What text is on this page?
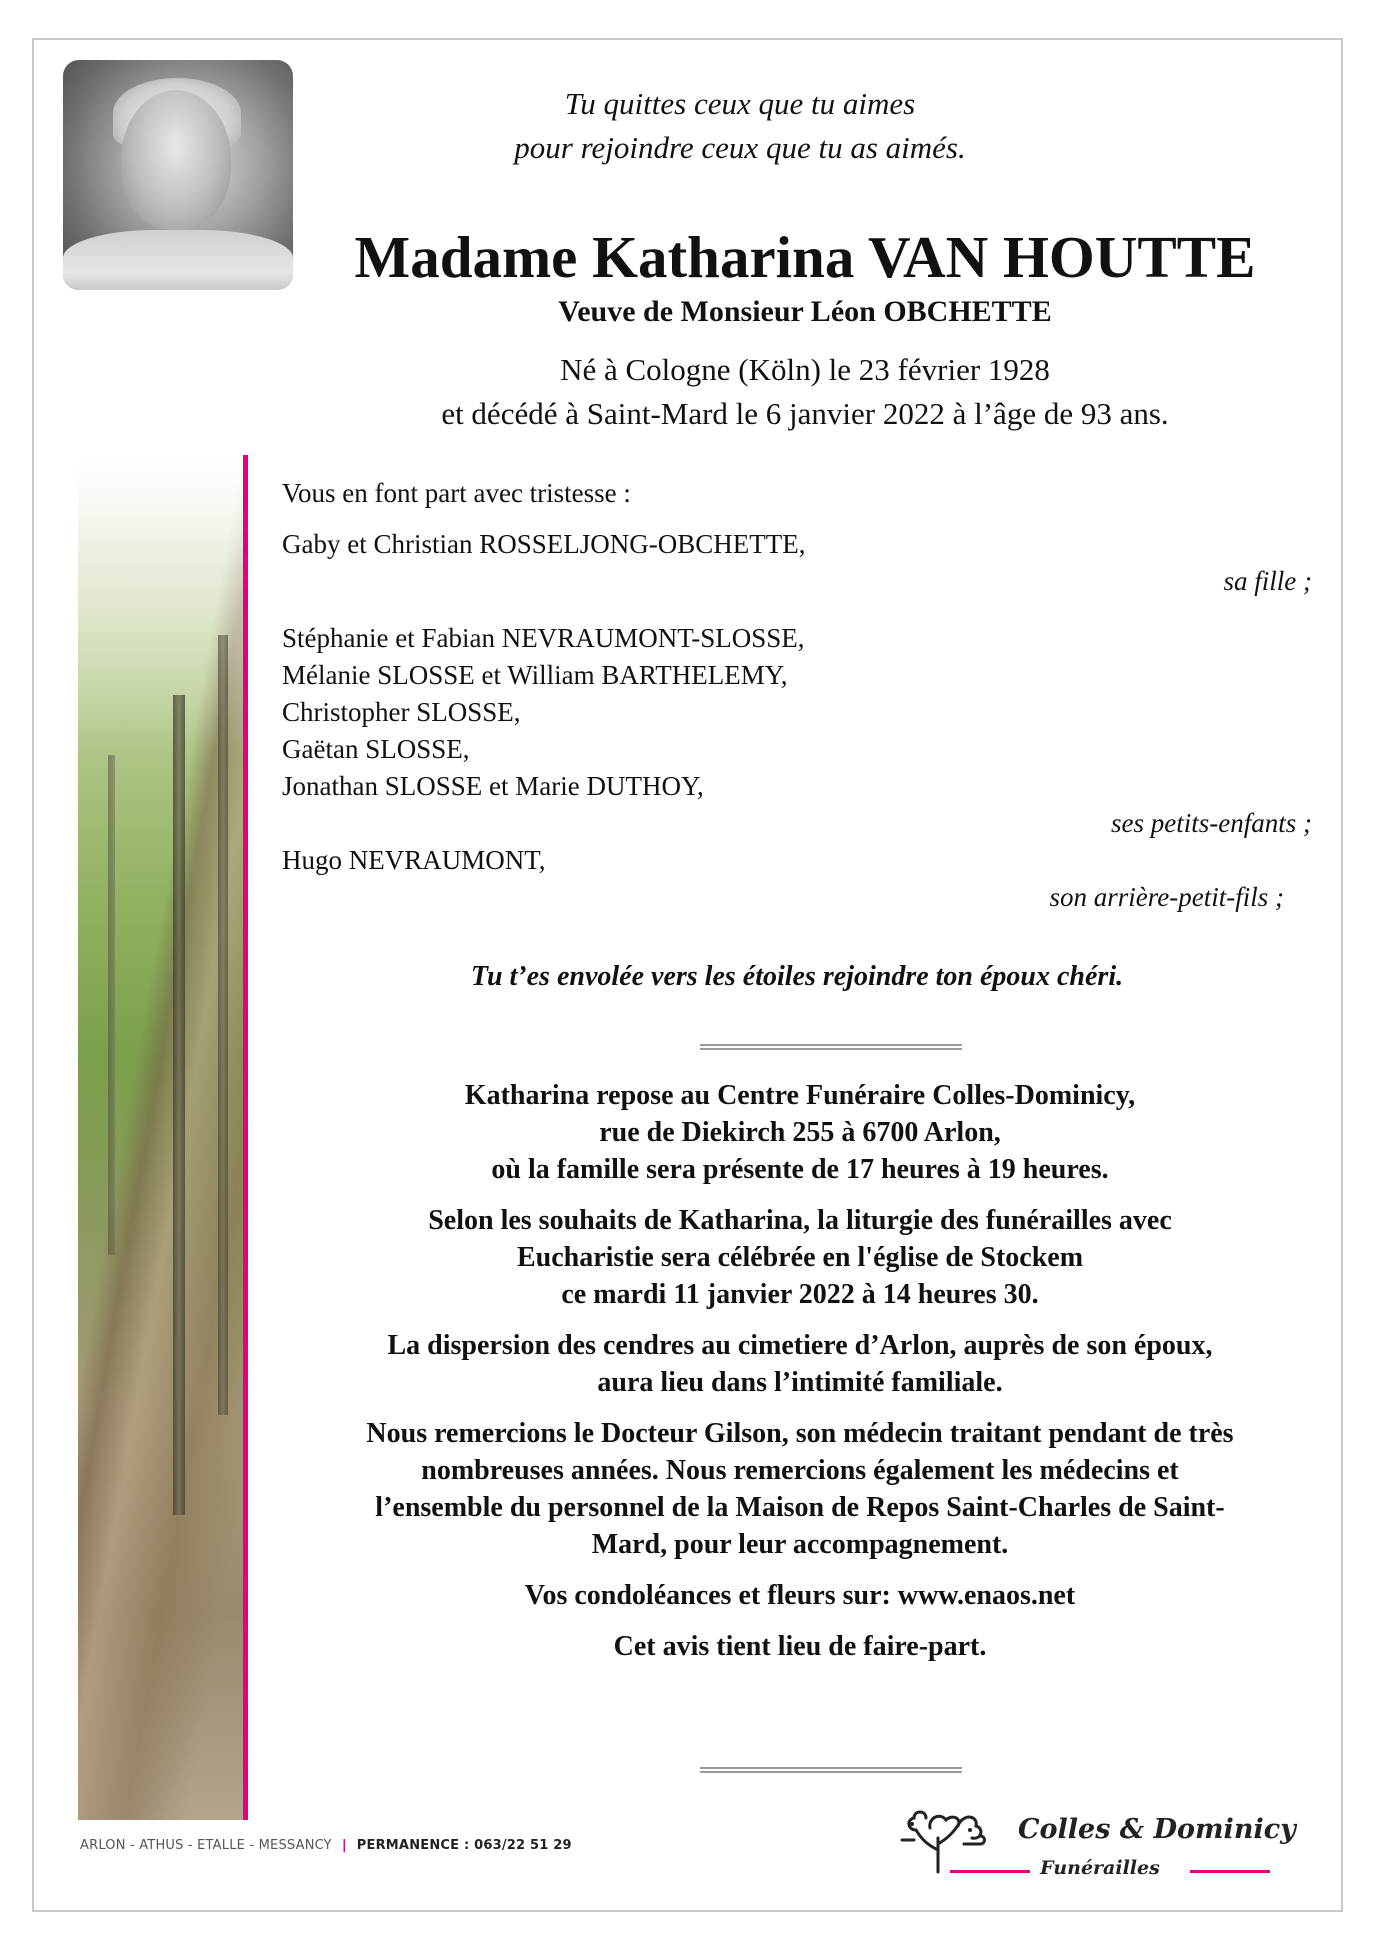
Tu quittes ceux que tu aimes
pour rejoindre ceux que tu as aimés.
Madame Katharina VAN HOUTTE
Veuve de Monsieur Léon OBCHETTE
Né à Cologne (Köln) le 23 février 1928
et décédé à Saint-Mard le 6 janvier 2022 à l’âge de 93 ans.
Vous en font part avec tristesse :
Gaby et Christian ROSSELJONG-OBCHETTE,
sa fille ;
Stéphanie et Fabian NEVRAUMONT-SLOSSE,
Mélanie SLOSSE et William BARTHELEMY,
Christopher SLOSSE,
Gaëtan SLOSSE,
Jonathan SLOSSE et Marie DUTHOY,
ses petits-enfants ;
Hugo NEVRAUMONT,
son arrière-petit-fils ;
Tu t’es envolée vers les étoiles rejoindre ton époux chéri.

Katharina repose au Centre Funéraire Colles-Dominicy,
rue de Diekirch 255 à 6700 Arlon,
où la famille sera présente de 17 heures à 19 heures.

Selon les souhaits de Katharina, la liturgie des funérailles avec
Eucharistie sera célébrée en l'église de Stockem
ce mardi 11 janvier 2022 à 14 heures 30.

La dispersion des cendres au cimetiere d’Arlon, auprès de son époux,
aura lieu dans l’intimité familiale.

Nous remercions le Docteur Gilson, son médecin traitant pendant de très
nombreuses années. Nous remercions également les médecins et
l’ensemble du personnel de la Maison de Repos Saint-Charles de Saint-
Mard, pour leur accompagnement.

Vos condoléances et fleurs sur: www.enaos.net

Cet avis tient lieu de faire-part.

ARLON - ATHUS - ETALLE - MESSANCY | PERMANENCE : 063/22 51 29
Colles & Dominicy
Funérailles
